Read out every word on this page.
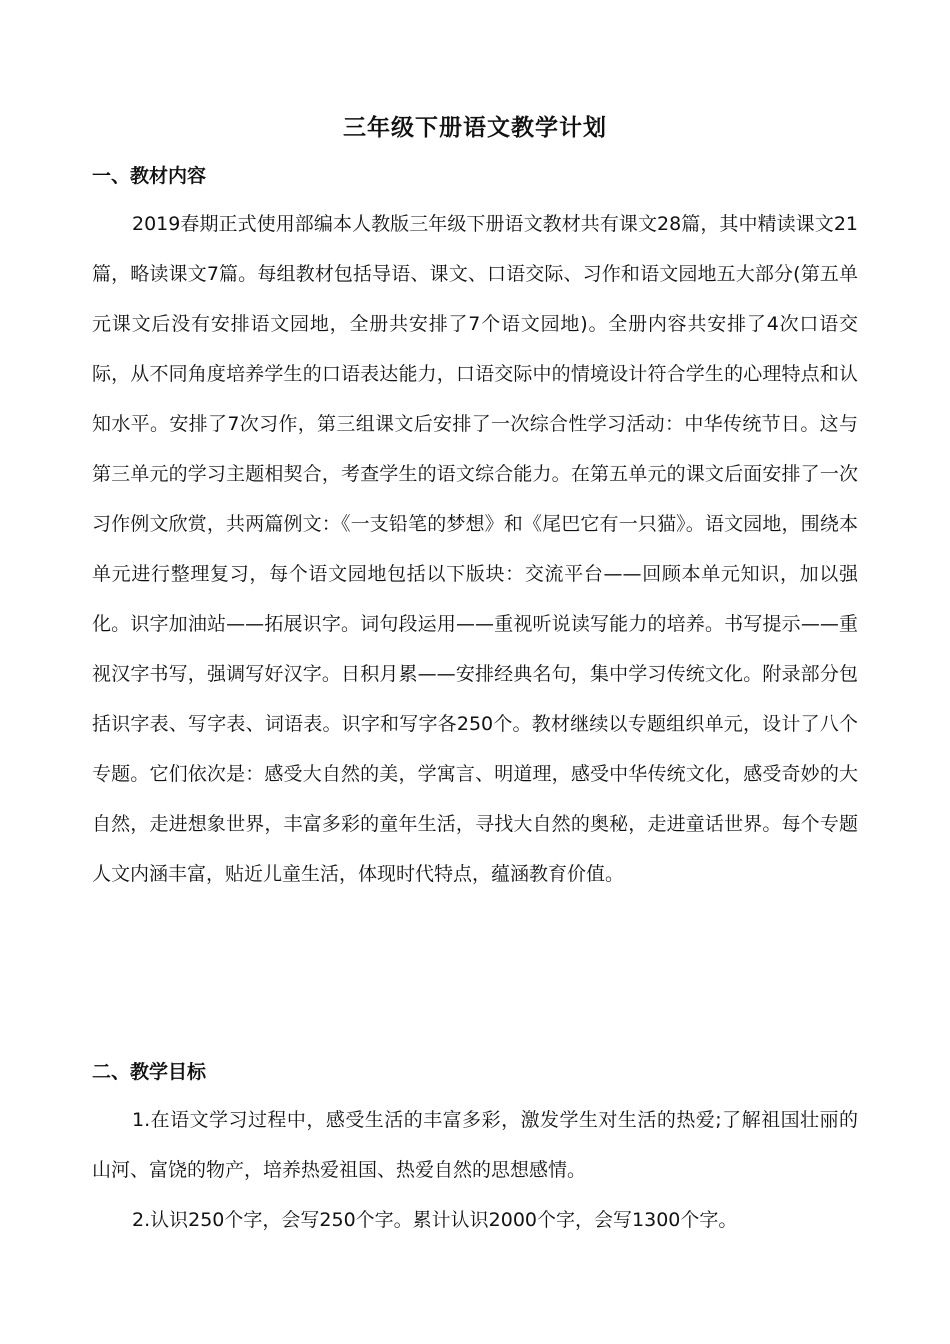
三年级下册语文教学计划
一、教材内容

2019春期正式使用部编本人教版三年级下册语文教材共有课文28篇，其中精读课文21篇，略读课文7篇。每组教材包括导语、课文、口语交际、习作和语文园地五大部分(第五单元课文后没有安排语文园地，全册共安排了7个语文园地)。全册内容共安排了4次口语交际，从不同角度培养学生的口语表达能力，口语交际中的情境设计符合学生的心理特点和认知水平。安排了7次习作，第三组课文后安排了一次综合性学习活动：中华传统节日。这与第三单元的学习主题相契合，考查学生的语文综合能力。在第五单元的课文后面安排了一次习作例文欣赏，共两篇例文：《一支铅笔的梦想》和《尾巴它有一只猫》。语文园地，围绕本单元进行整理复习，每个语文园地包括以下版块：交流平台——回顾本单元知识，加以强化。识字加油站——拓展识字。词句段运用——重视听说读写能力的培养。书写提示——重视汉字书写，强调写好汉字。日积月累——安排经典名句，集中学习传统文化。附录部分包括识字表、写字表、词语表。识字和写字各250个。教材继续以专题组织单元，设计了八个专题。它们依次是：感受大自然的美，学寓言、明道理，感受中华传统文化，感受奇妙的大自然，走进想象世界，丰富多彩的童年生活，寻找大自然的奥秘，走进童话世界。每个专题人文内涵丰富，贴近儿童生活，体现时代特点，蕴涵教育价值。

二、教学目标

1.在语文学习过程中，感受生活的丰富多彩，激发学生对生活的热爱;了解祖国壮丽的山河、富饶的物产，培养热爱祖国、热爱自然的思想感情。

2.认识250个字，会写250个字。累计认识2000个字，会写1300个字。
